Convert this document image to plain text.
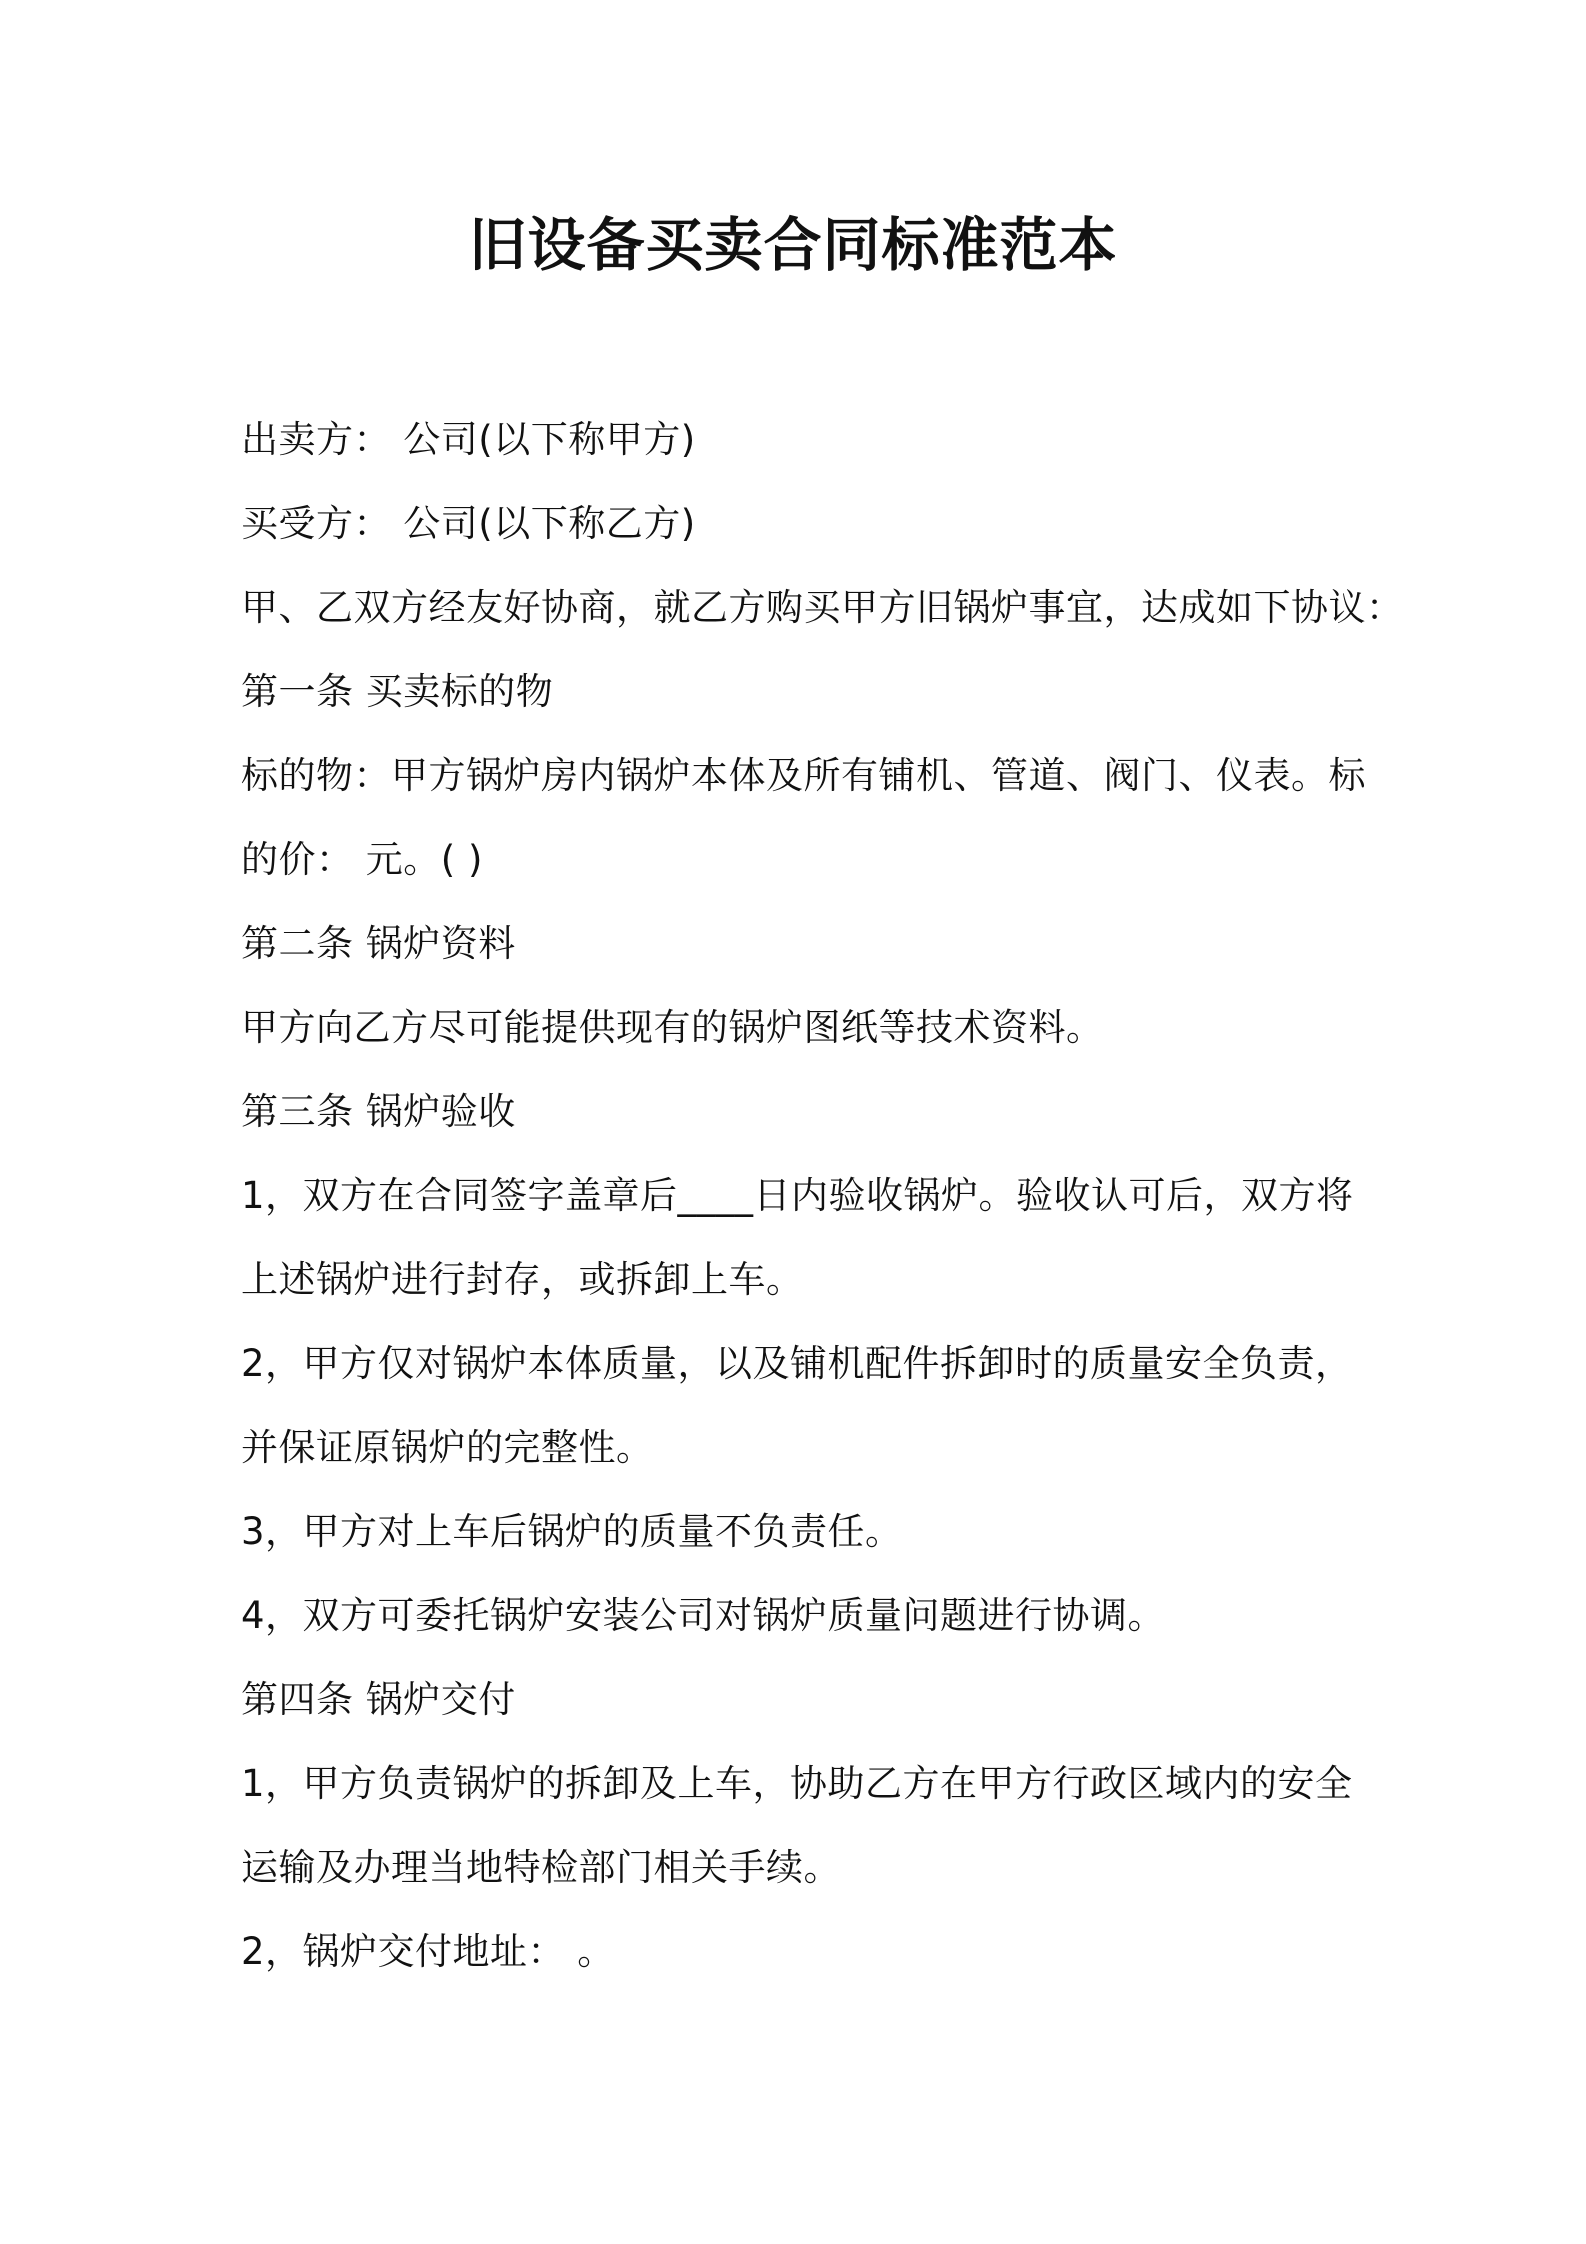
旧设备买卖合同标准范本
出卖方： 公司(以下称甲方)
买受方： 公司(以下称乙方)
甲、乙双方经友好协商，就乙方购买甲方旧锅炉事宜，达成如下协议：
第一条 买卖标的物
标的物：甲方锅炉房内锅炉本体及所有铺机、管道、阀门、仪表。标
的价： 元。( )
第二条 锅炉资料
甲方向乙方尽可能提供现有的锅炉图纸等技术资料。
第三条 锅炉验收
1，双方在合同签字盖章后____日内验收锅炉。验收认可后，双方将
上述锅炉进行封存，或拆卸上车。
2，甲方仅对锅炉本体质量，以及铺机配件拆卸时的质量安全负责，
并保证原锅炉的完整性。
3，甲方对上车后锅炉的质量不负责任。
4，双方可委托锅炉安装公司对锅炉质量问题进行协调。
第四条 锅炉交付
1，甲方负责锅炉的拆卸及上车，协助乙方在甲方行政区域内的安全
运输及办理当地特检部门相关手续。
2，锅炉交付地址： 。
